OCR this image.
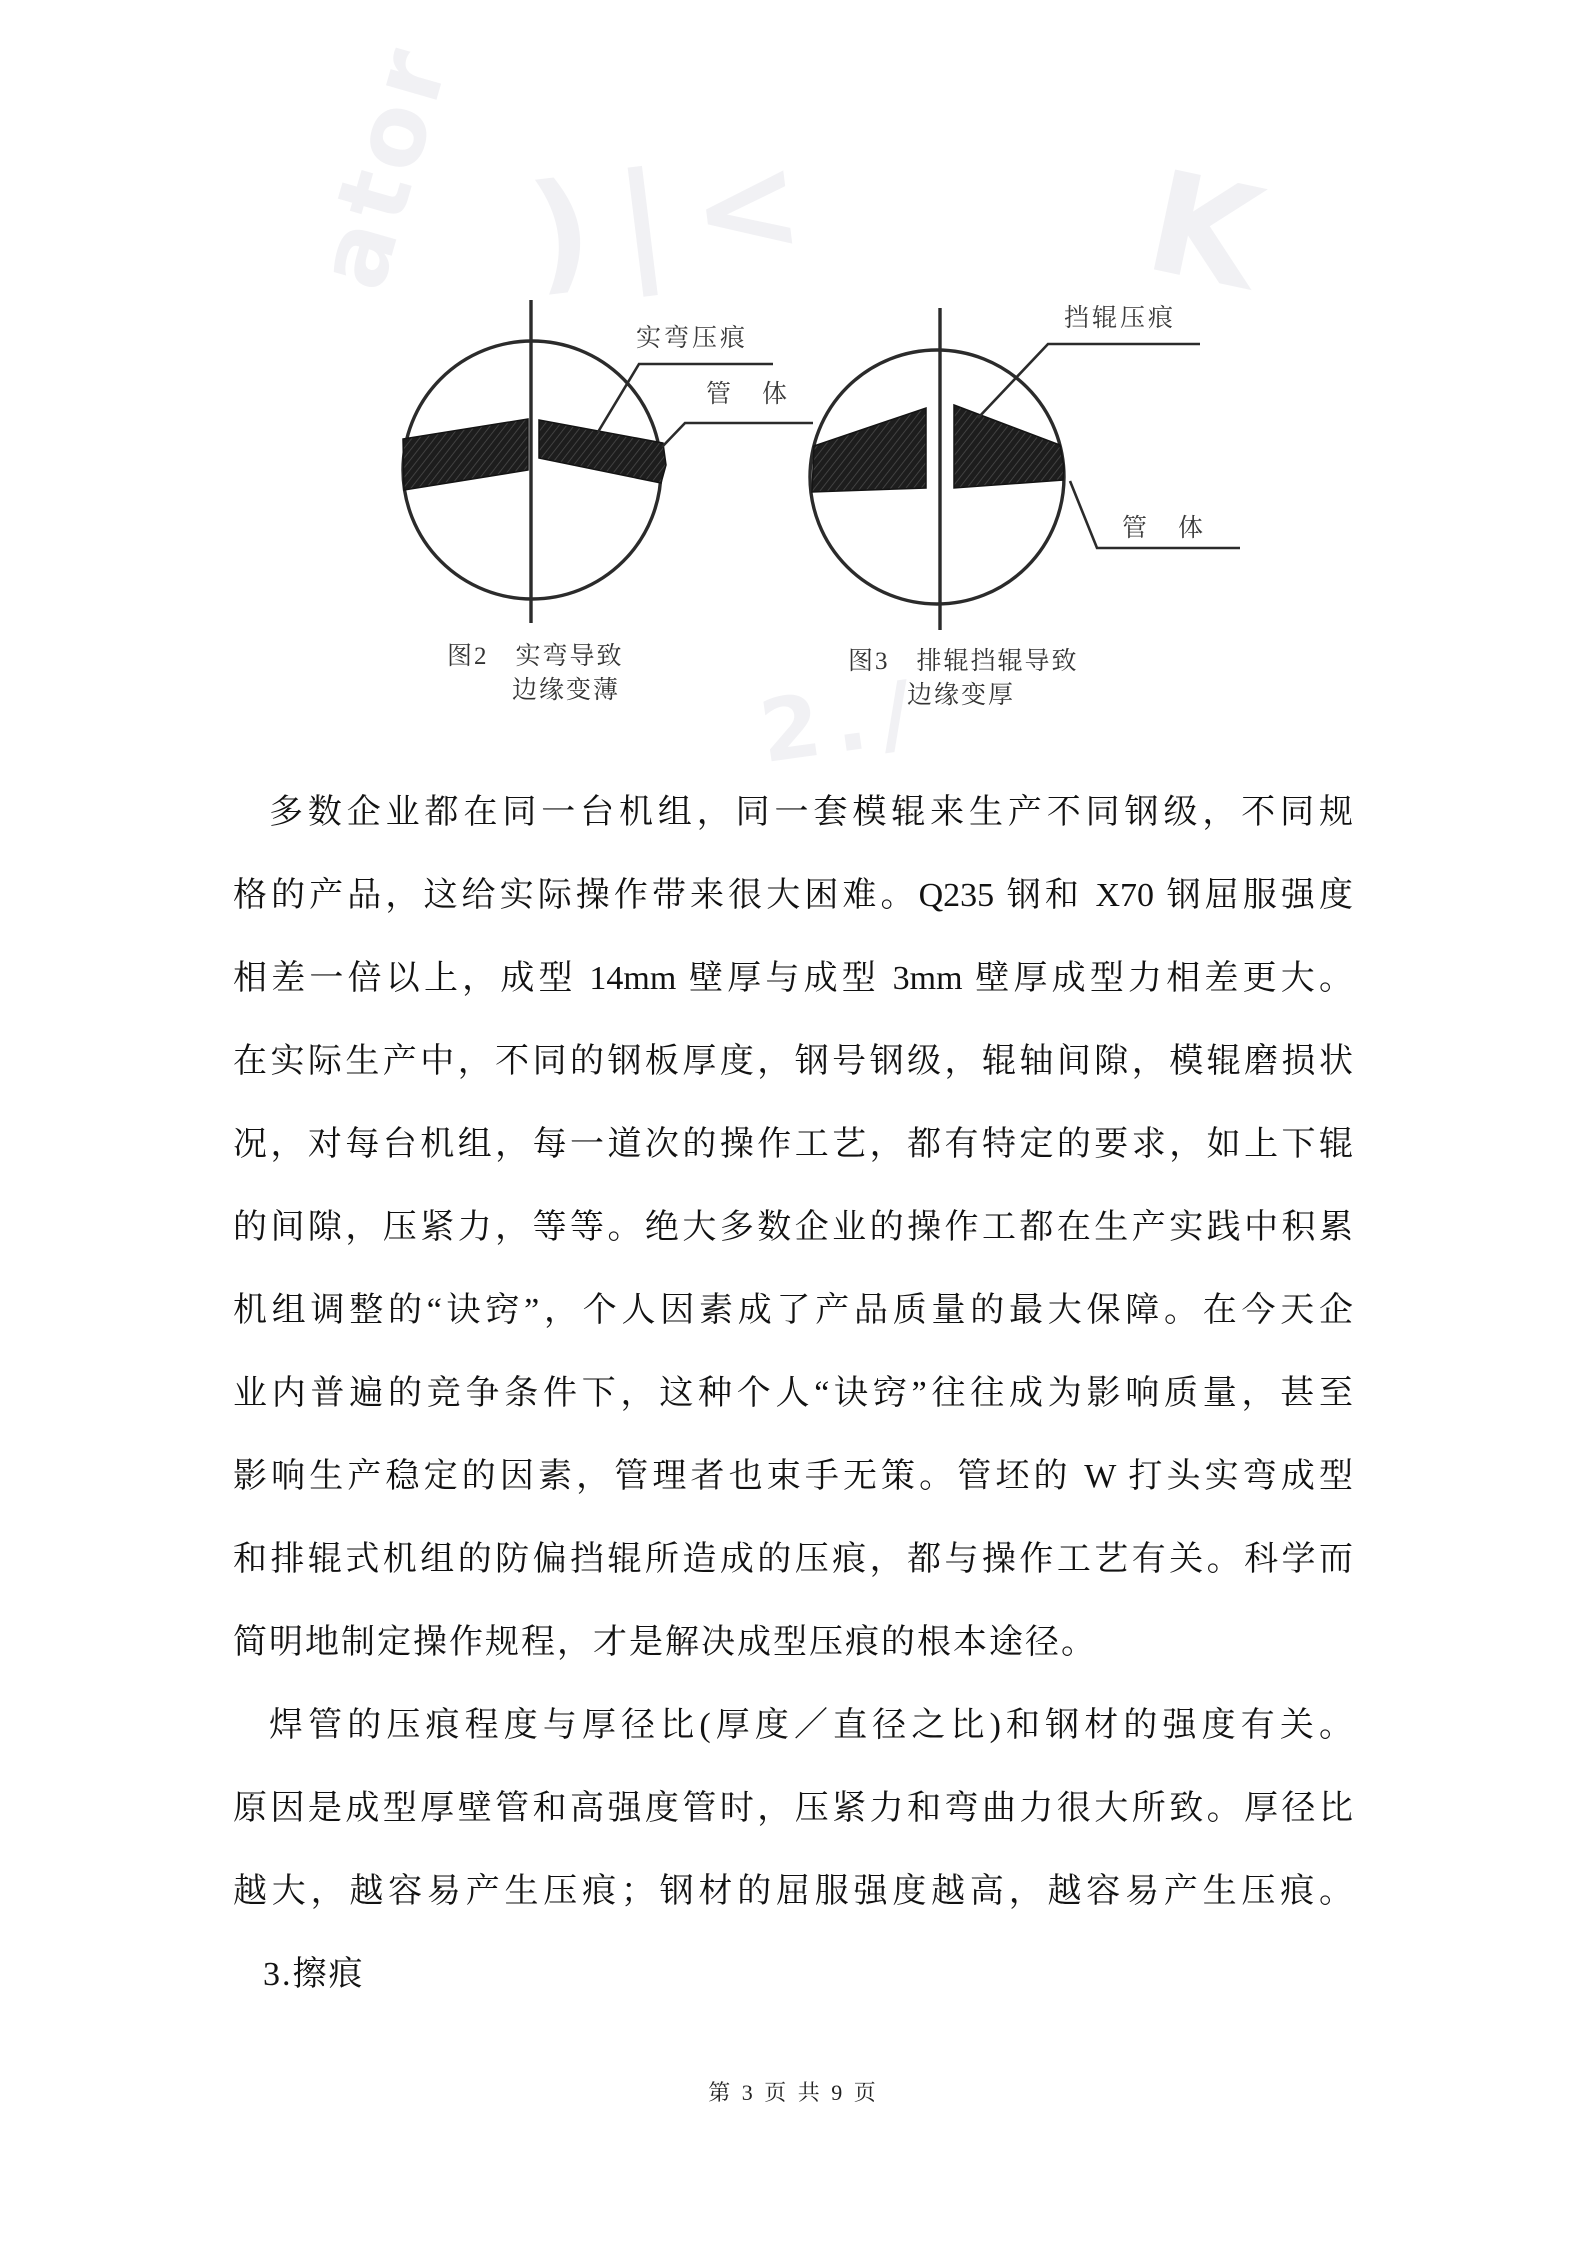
)|< K
ator
2./
实弯压痕
管　体
图2　实弯导致
边缘变薄
挡辊压痕
管　体
图3　排辊挡辊导致
边缘变厚
多数企业都在同一台机组，同一套模辊来生产不同钢级，不同规
格的产品，这给实际操作带来很大困难。Q235 钢和 X70 钢屈服强度
相差一倍以上，成型 14mm 壁厚与成型 3mm 壁厚成型力相差更大。
在实际生产中，不同的钢板厚度，钢号钢级，辊轴间隙，模辊磨损状
况，对每台机组，每一道次的操作工艺，都有特定的要求，如上下辊
的间隙，压紧力，等等。绝大多数企业的操作工都在生产实践中积累
机组调整的“诀窍”，个人因素成了产品质量的最大保障。在今天企
业内普遍的竞争条件下，这种个人“诀窍”往往成为影响质量，甚至
影响生产稳定的因素，管理者也束手无策。管坯的 W 打头实弯成型
和排辊式机组的防偏挡辊所造成的压痕，都与操作工艺有关。科学而
简明地制定操作规程，才是解决成型压痕的根本途径。
焊管的压痕程度与厚径比(厚度／直径之比)和钢材的强度有关。
原因是成型厚壁管和高强度管时，压紧力和弯曲力很大所致。厚径比
越大，越容易产生压痕；钢材的屈服强度越高，越容易产生压痕。
3.擦痕
第 3 页 共 9 页
